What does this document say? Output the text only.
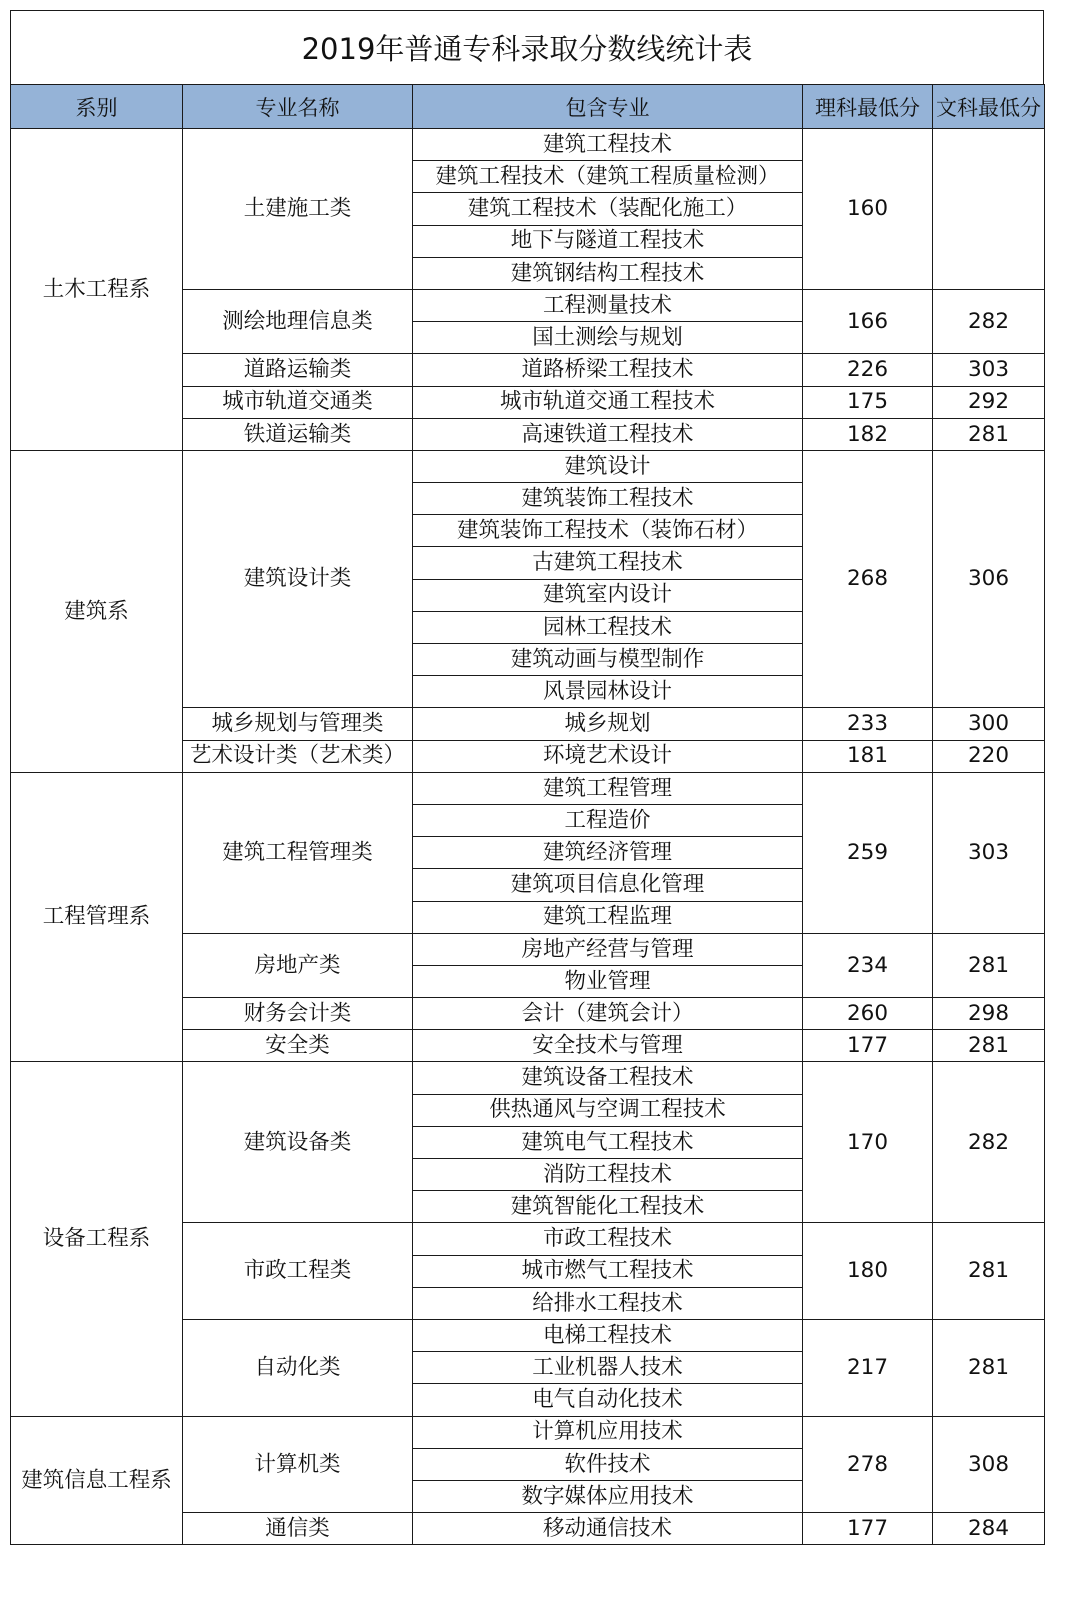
2019年普通专科录取分数线统计表
系别	专业名称	包含专业	理科最低分	文科最低分
土木工程系	土建施工类	建筑工程技术	160	
		建筑工程技术（建筑工程质量检测）		
		建筑工程技术（装配化施工）		
		地下与隧道工程技术		
		建筑钢结构工程技术		
	测绘地理信息类	工程测量技术	166	282
		国土测绘与规划		
	道路运输类	道路桥梁工程技术	226	303
	城市轨道交通类	城市轨道交通工程技术	175	292
	铁道运输类	高速铁道工程技术	182	281
建筑系	建筑设计类	建筑设计	268	306
		建筑装饰工程技术		
		建筑装饰工程技术（装饰石材）		
		古建筑工程技术		
		建筑室内设计		
		园林工程技术		
		建筑动画与模型制作		
		风景园林设计		
	城乡规划与管理类	城乡规划	233	300
	艺术设计类（艺术类）	环境艺术设计	181	220
工程管理系	建筑工程管理类	建筑工程管理	259	303
		工程造价		
		建筑经济管理		
		建筑项目信息化管理		
		建筑工程监理		
	房地产类	房地产经营与管理	234	281
		物业管理		
	财务会计类	会计（建筑会计）	260	298
	安全类	安全技术与管理	177	281
设备工程系	建筑设备类	建筑设备工程技术	170	282
		供热通风与空调工程技术		
		建筑电气工程技术		
		消防工程技术		
		建筑智能化工程技术		
	市政工程类	市政工程技术	180	281
		城市燃气工程技术		
		给排水工程技术		
	自动化类	电梯工程技术	217	281
		工业机器人技术		
		电气自动化技术		
建筑信息工程系	计算机类	计算机应用技术	278	308
		软件技术		
		数字媒体应用技术		
	通信类	移动通信技术	177	284
